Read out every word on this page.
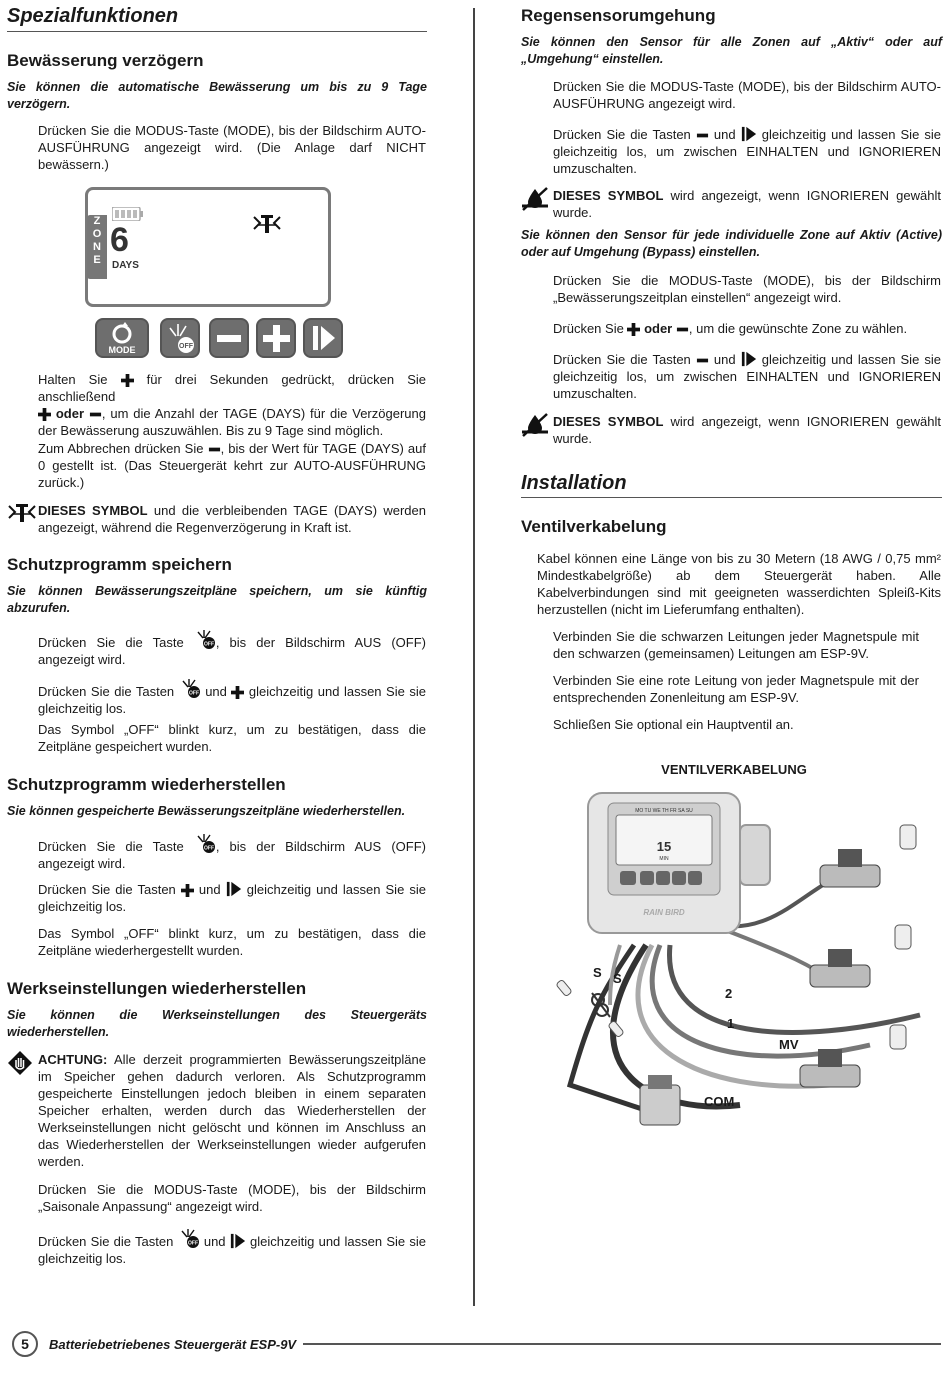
Spezialfunktionen
Bewässerung verzögern
Sie können die automatische Bewässerung um bis zu 9 Tage verzögern.
Drücken Sie die MODUS-Taste (MODE), bis der Bildschirm AUTO-AUSFÜHRUNG angezeigt wird. (Die Anlage darf NICHT bewässern.)
Z
O
N
E
6
DAYS
MODE	OFF
Halten Sie	für drei Sekunden gedrückt, drücken Sie anschließend
oder , um die Anzahl der TAGE (DAYS) für die Verzögerung der Bewässerung auszuwählen. Bis zu 9 Tage sind möglich.
Zum Abbrechen drücken Sie , bis der Wert für TAGE (DAYS) auf 0 gestellt ist. (Das Steuergerät kehrt zur AUTO-AUSFÜHRUNG zurück.)
DIESES SYMBOL und die verbleibenden TAGE (DAYS) werden angezeigt, während die Regenverzögerung in Kraft ist.
Schutzprogramm speichern
Sie können Bewässerungszeitpläne speichern, um sie künftig abzurufen.
Drücken Sie die Taste , bis der Bildschirm AUS (OFF) angezeigt wird.
Drücken Sie die Tasten und gleichzeitig und lassen Sie sie gleichzeitig los.
Das Symbol „OFF“ blinkt kurz, um zu bestätigen, dass die Zeitpläne gespeichert wurden.
Schutzprogramm wiederherstellen
Sie können gespeicherte Bewässerungszeitpläne wiederherstellen.
Drücken Sie die Taste , bis der Bildschirm AUS (OFF) angezeigt wird.
Drücken Sie die Tasten und gleichzeitig und lassen Sie sie gleichzeitig los.
Das Symbol „OFF“ blinkt kurz, um zu bestätigen, dass die Zeitpläne wiederhergestellt wurden.
Werkseinstellungen wiederherstellen
Sie können die Werkseinstellungen des Steuergeräts wiederherstellen.
ACHTUNG: Alle derzeit programmierten Bewässerungszeitpläne im Speicher gehen dadurch verloren. Als Schutzprogramm gespeicherte Einstellungen jedoch bleiben in einem separaten Speicher erhalten, werden durch das Wiederherstellen der Werkseinstellungen nicht gelöscht und können im Anschluss an das Wiederherstellen der Werkseinstellungen wieder aufgerufen werden.
Drücken Sie die MODUS-Taste (MODE), bis der Bildschirm „Saisonale Anpassung“ angezeigt wird.
Drücken Sie die Tasten und gleichzeitig und lassen Sie sie gleichzeitig los.
Regensensorumgehung
Sie können den Sensor für alle Zonen auf „Aktiv“ oder auf „Umgehung“ einstellen.
Drücken Sie die MODUS-Taste (MODE), bis der Bildschirm AUTO-AUSFÜHRUNG angezeigt wird.
Drücken Sie die Tasten und gleichzeitig und lassen Sie sie gleichzeitig los, um zwischen EINHALTEN und IGNORIEREN umzuschalten.
DIESES SYMBOL wird angezeigt, wenn IGNORIEREN gewählt wurde.
Sie können den Sensor für jede individuelle Zone auf Aktiv (Active) oder auf Umgehung (Bypass) einstellen.
Drücken Sie die MODUS-Taste (MODE), bis der Bildschirm „Bewässerungszeitplan einstellen“ angezeigt wird.
Drücken Sie oder , um die gewünschte Zone zu wählen.
Drücken Sie die Tasten und gleichzeitig und lassen Sie sie gleichzeitig los, um zwischen EINHALTEN und IGNORIEREN umzuschalten.
DIESES SYMBOL wird angezeigt, wenn IGNORIEREN gewählt wurde.
Installation
Ventilverkabelung
Kabel können eine Länge von bis zu 30 Metern (18 AWG / 0,75 mm² Mindestkabelgröße) ab dem Steuergerät haben. Alle Kabelverbindungen sind mit geeigneten wasserdichten Spleiß-Kits herzustellen (nicht im Lieferumfang enthalten).
Verbinden Sie die schwarzen Leitungen jeder Magnetspule mit den schwarzen (gemeinsamen) Leitungen am ESP-9V.
Verbinden Sie eine rote Leitung von jeder Magnetspule mit der entsprechenden Zonenleitung am ESP-9V.
Schließen Sie optional ein Hauptventil an.
VENTILVERKABELUNG
MO TU WE TH FR SA SU
15
MIN
RAIN BIRD
S S
2
1
MV
COM
5	Batteriebetriebenes Steuergerät ESP-9V
